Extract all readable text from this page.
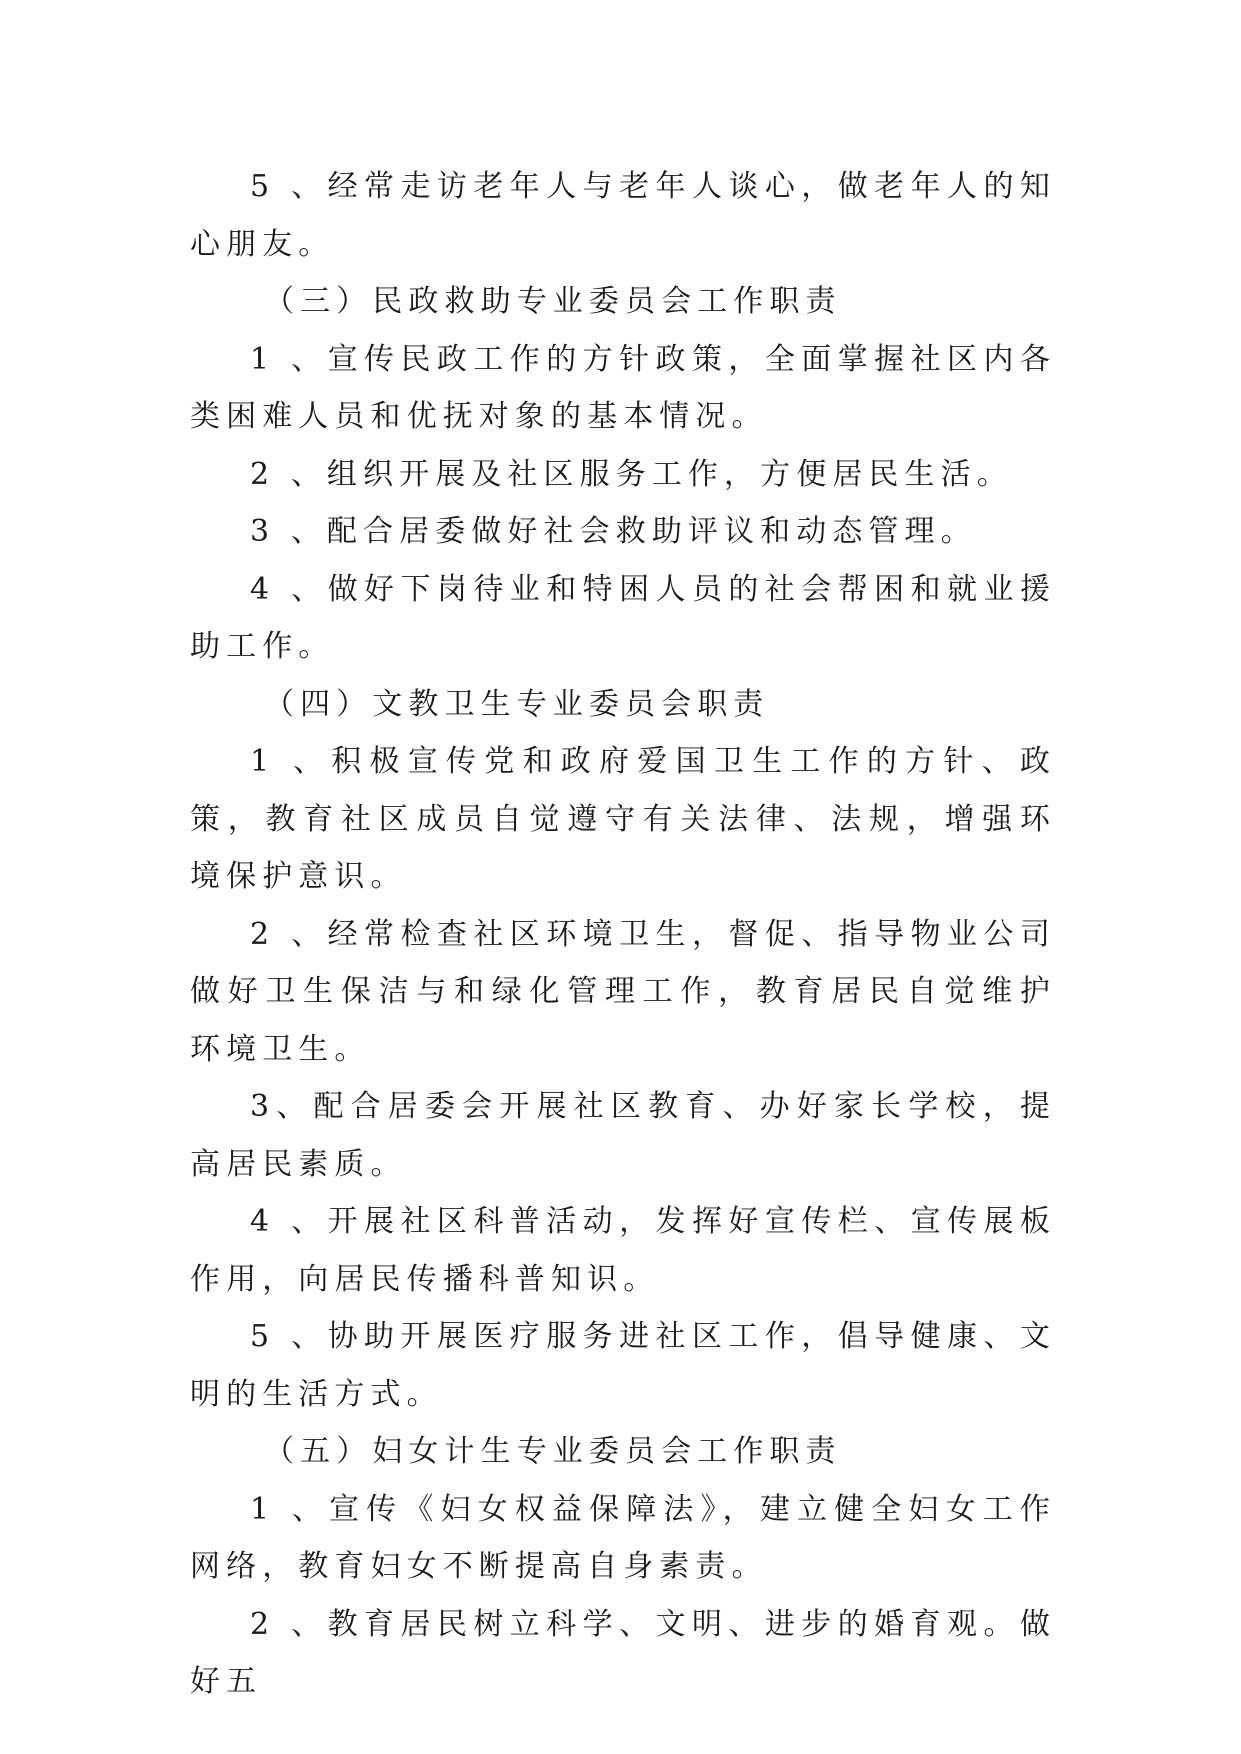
5 、经常走访老年人与老年人谈心，做老年人的知心朋友。

（三）民政救助专业委员会工作职责

1 、宣传民政工作的方针政策，全面掌握社区内各类困难人员和优抚对象的基本情况。

2 、组织开展及社区服务工作，方便居民生活。

3 、配合居委做好社会救助评议和动态管理。

4 、做好下岗待业和特困人员的社会帮困和就业援助工作。

（四）文教卫生专业委员会职责

1 、积极宣传党和政府爱国卫生工作的方针、政策，教育社区成员自觉遵守有关法律、法规，增强环境保护意识。

2 、经常检查社区环境卫生，督促、指导物业公司做好卫生保洁与和绿化管理工作，教育居民自觉维护环境卫生。

3、配合居委会开展社区教育、办好家长学校，提高居民素质。

4 、开展社区科普活动，发挥好宣传栏、宣传展板作用，向居民传播科普知识。

5 、协助开展医疗服务进社区工作，倡导健康、文明的生活方式。

（五）妇女计生专业委员会工作职责

1 、宣传《妇女权益保障法》，建立健全妇女工作网络，教育妇女不断提高自身素责。

2 、教育居民树立科学、文明、进步的婚育观。做好五
